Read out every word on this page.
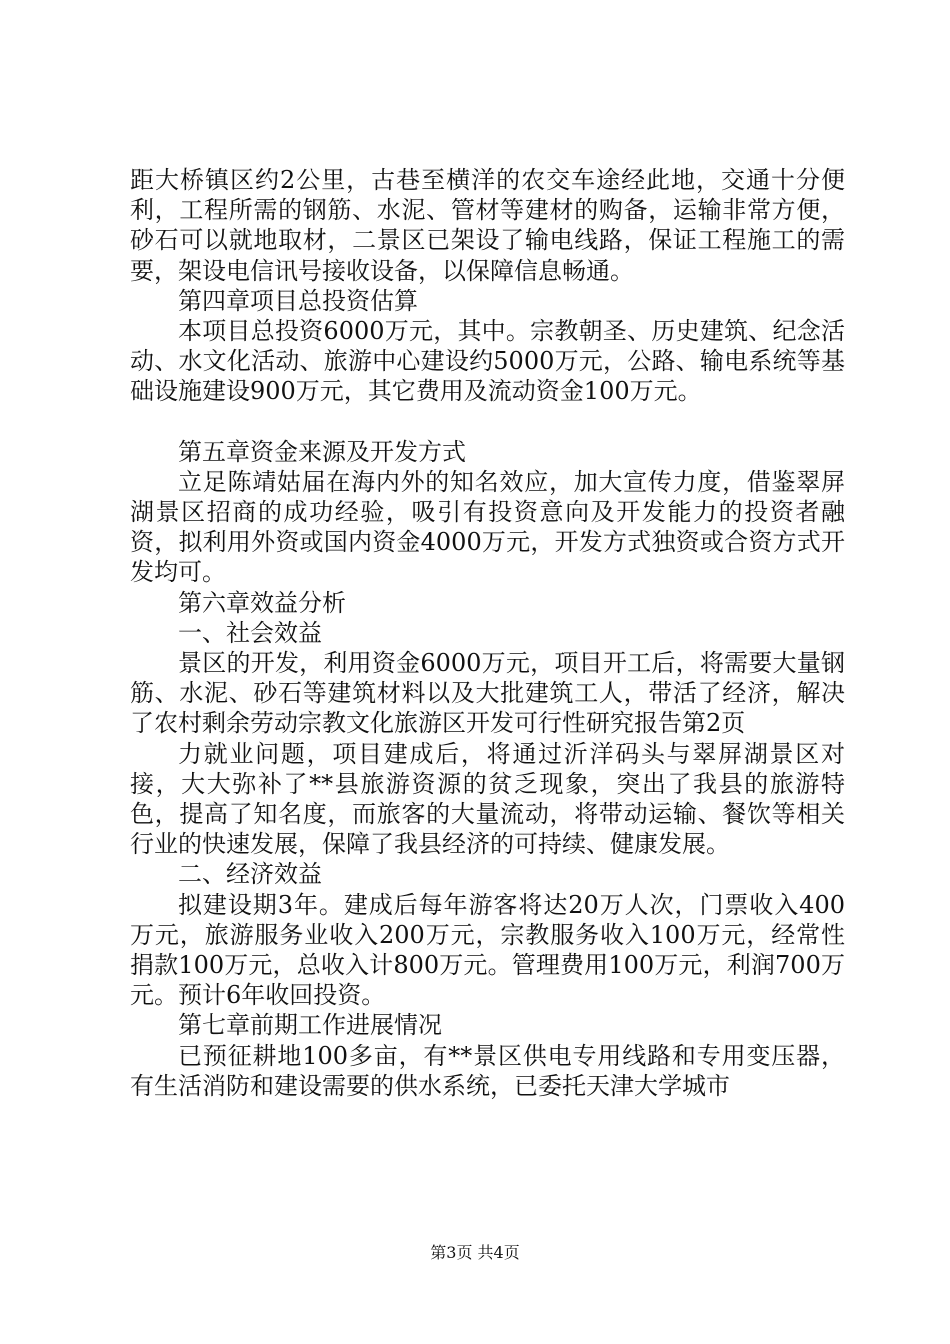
距大桥镇区约2公里，古巷至横洋的农交车途经此地，交通十分便利，工程所需的钢筋、水泥、管材等建材的购备，运输非常方便，砂石可以就地取材，二景区已架设了输电线路，保证工程施工的需要，架设电信讯号接收设备，以保障信息畅通。

第四章项目总投资估算

本项目总投资6000万元，其中。宗教朝圣、历史建筑、纪念活动、水文化活动、旅游中心建设约5000万元，公路、输电系统等基础设施建设900万元，其它费用及流动资金100万元。

第五章资金来源及开发方式

立足陈靖姑届在海内外的知名效应，加大宣传力度，借鉴翠屏湖景区招商的成功经验，吸引有投资意向及开发能力的投资者融资，拟利用外资或国内资金4000万元，开发方式独资或合资方式开发均可。

第六章效益分析

一、社会效益

景区的开发，利用资金6000万元，项目开工后，将需要大量钢筋、水泥、砂石等建筑材料以及大批建筑工人，带活了经济，解决了农村剩余劳动宗教文化旅游区开发可行性研究报告第2页

力就业问题，项目建成后，将通过沂洋码头与翠屏湖景区对接，大大弥补了**县旅游资源的贫乏现象，突出了我县的旅游特色，提高了知名度，而旅客的大量流动，将带动运输、餐饮等相关行业的快速发展，保障了我县经济的可持续、健康发展。

二、经济效益

拟建设期3年。建成后每年游客将达20万人次，门票收入400万元，旅游服务业收入200万元，宗教服务收入100万元，经常性捐款100万元，总收入计800万元。管理费用100万元，利润700万元。预计6年收回投资。

第七章前期工作进展情况

已预征耕地100多亩，有**景区供电专用线路和专用变压器，有生活消防和建设需要的供水系统，已委托天津大学城市

第3页 共4页
